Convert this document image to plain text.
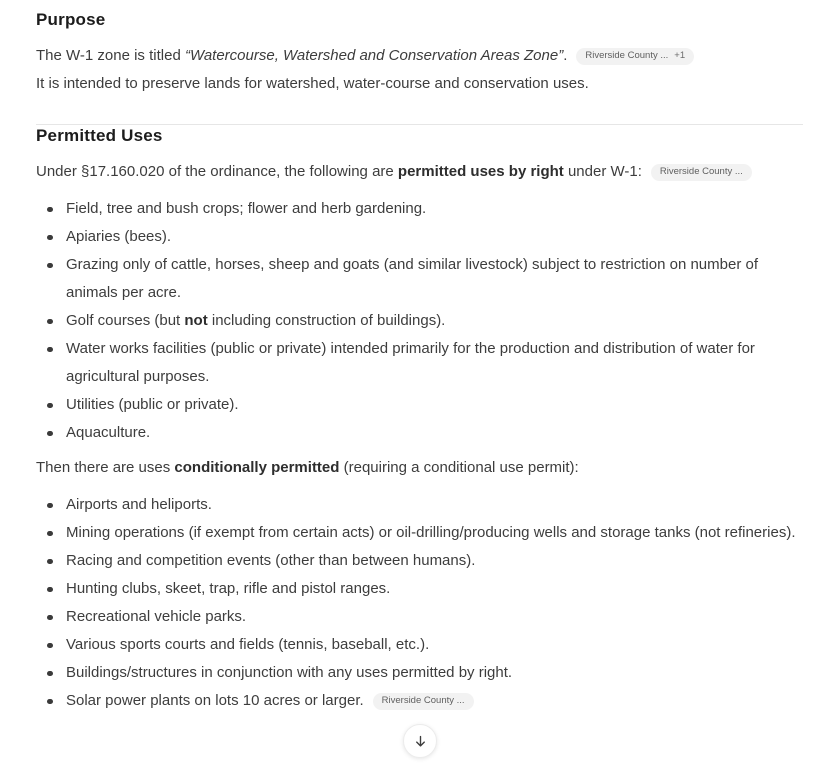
Purpose

The W-1 zone is titled “Watercourse, Watershed and Conservation Areas Zone”. Riverside County ... +1

It is intended to preserve lands for watershed, water-course and conservation uses.

Permitted Uses

Under §17.160.020 of the ordinance, the following are permitted uses by right under W-1: Riverside County ...

Field, tree and bush crops; flower and herb gardening.
Apiaries (bees).
Grazing only of cattle, horses, sheep and goats (and similar livestock) subject to restriction on number of animals per acre.
Golf courses (but not including construction of buildings).
Water works facilities (public or private) intended primarily for the production and distribution of water for agricultural purposes.
Utilities (public or private).
Aquaculture.

Then there are uses conditionally permitted (requiring a conditional use permit):

Airports and heliports.
Mining operations (if exempt from certain acts) or oil-drilling/producing wells and storage tanks (not refineries).
Racing and competition events (other than between humans).
Hunting clubs, skeet, trap, rifle and pistol ranges.
Recreational vehicle parks.
Various sports courts and fields (tennis, baseball, etc.).
Buildings/structures in conjunction with any uses permitted by right.
Solar power plants on lots 10 acres or larger. Riverside County ...
